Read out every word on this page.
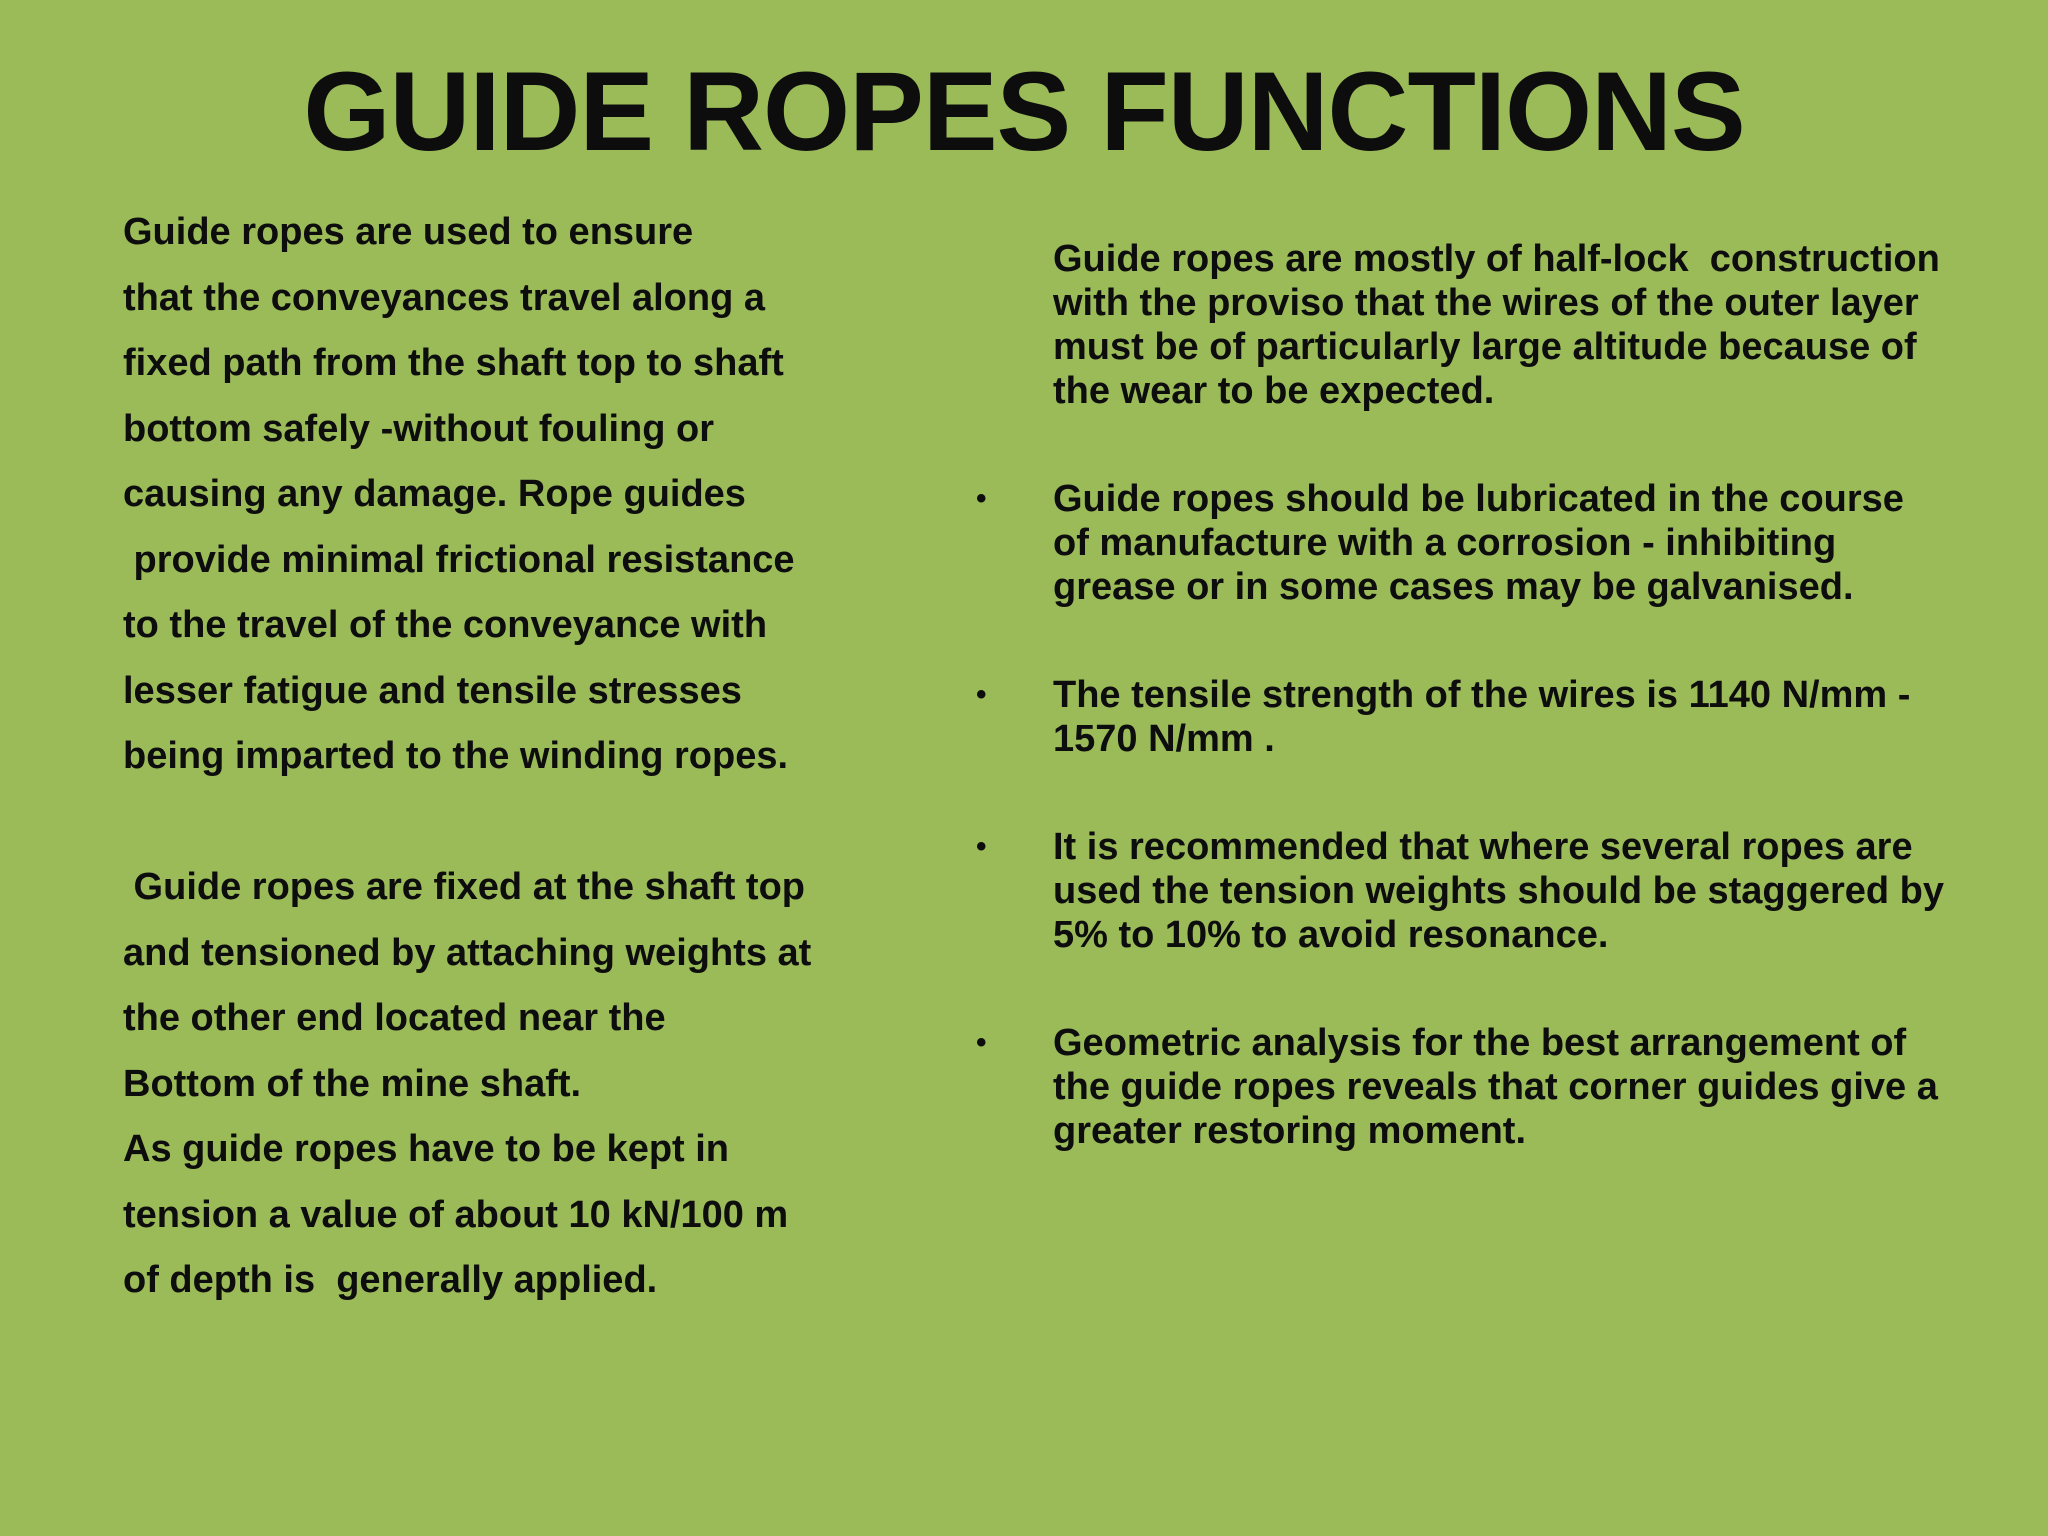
GUIDE ROPES FUNCTIONS

Guide ropes are used to ensure
that the conveyances travel along a
fixed path from the shaft top to shaft
bottom safely -without fouling or
causing any damage. Rope guides
provide minimal frictional resistance
to the travel of the conveyance with
lesser fatigue and tensile stresses
being imparted to the winding ropes.

Guide ropes are fixed at the shaft top
and tensioned by attaching weights at
the other end located near the
Bottom of the mine shaft.
As guide ropes have to be kept in
tension a value of about 10 kN/100 m
of depth is  generally applied.

Guide ropes are mostly of half-lock  construction
with the proviso that the wires of the outer layer
must be of particularly large altitude because of
the wear to be expected.

• Guide ropes should be lubricated in the course
of manufacture with a corrosion - inhibiting
grease or in some cases may be galvanised.
• The tensile strength of the wires is 1140 N/mm -
1570 N/mm .
• It is recommended that where several ropes are
used the tension weights should be staggered by
5% to 10% to avoid resonance.
• Geometric analysis for the best arrangement of
the guide ropes reveals that corner guides give a
greater restoring moment.
